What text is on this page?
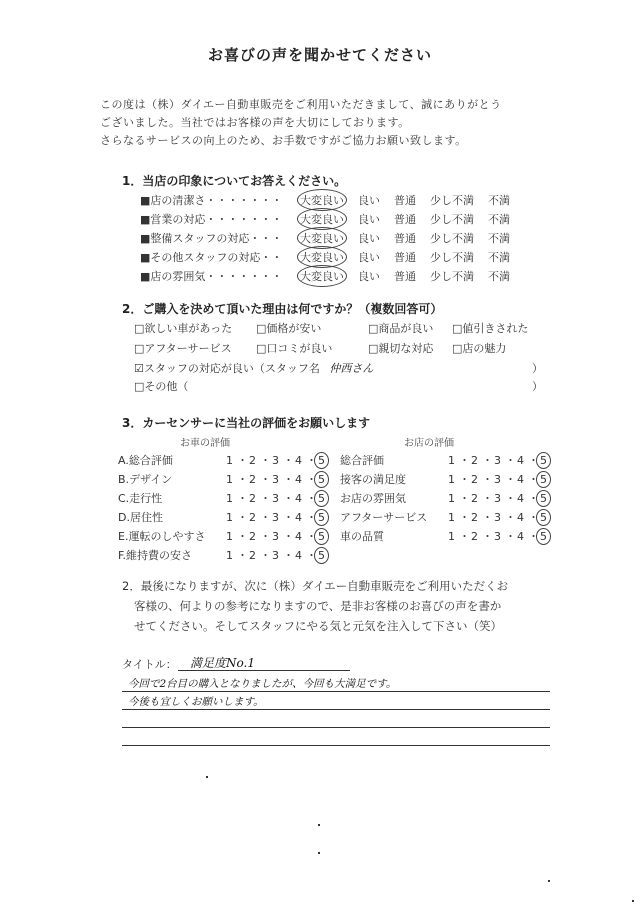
お喜びの声を聞かせてください
この度は（株）ダイエー自動車販売をご利用いただきまして、誠にありがとう
ございました。当社ではお客様の声を大切にしております。
さらなるサービスの向上のため、お手数ですがご協力お願い致します。
1．当店の印象についてお答えください。
■店の清潔さ・・・・・・・ 大変良い 良い 普通 少し不満 不満
■営業の対応・・・・・・・ 大変良い 良い 普通 少し不満 不満
■整備スタッフの対応・・・ 大変良い 良い 普通 少し不満 不満
■その他スタッフの対応・・ 大変良い 良い 普通 少し不満 不満
■店の雰囲気・・・・・・・ 大変良い 良い 普通 少し不満 不満
2．ご購入を決めて頂いた理由は何ですか？（複数回答可）
□欲しい車があった □価格が安い	□商品が良い □値引きされた
□アフターサービス □口コミが良い	□親切な対応 □店の魅力
☑スタッフの対応が良い（スタッフ名 仲西さん	）
□その他（	）
3．カーセンサーに当社の評価をお願いします
お車の評価	お店の評価
A.総合評価	1 ・2 ・3 ・4 ・5
B.デザイン	1 ・2 ・3 ・4 ・5
C.走行性	1 ・2 ・3 ・4 ・5
D.居住性	1 ・2 ・3 ・4 ・5
E.運転のしやすさ	1 ・2 ・3 ・4 ・5
F.維持費の安さ	1 ・2 ・3 ・4 ・5
総合評価	1 ・2 ・3 ・4 ・5
接客の満足度	1 ・2 ・3 ・4 ・5
お店の雰囲気	1 ・2 ・3 ・4 ・5
アフターサービス	1 ・2 ・3 ・4 ・5
車の品質	1 ・2 ・3 ・4 ・5
2．最後になりますが、次に（株）ダイエー自動車販売をご利用いただくお
客様の、何よりの参考になりますので、是非お客様のお喜びの声を書か
せてください。そしてスタッフにやる気と元気を注入して下さい（笑）
タイトル： 満足度No.1
今回で2台目の購入となりましたが、今回も大満足です。
今後も宜しくお願いします。
